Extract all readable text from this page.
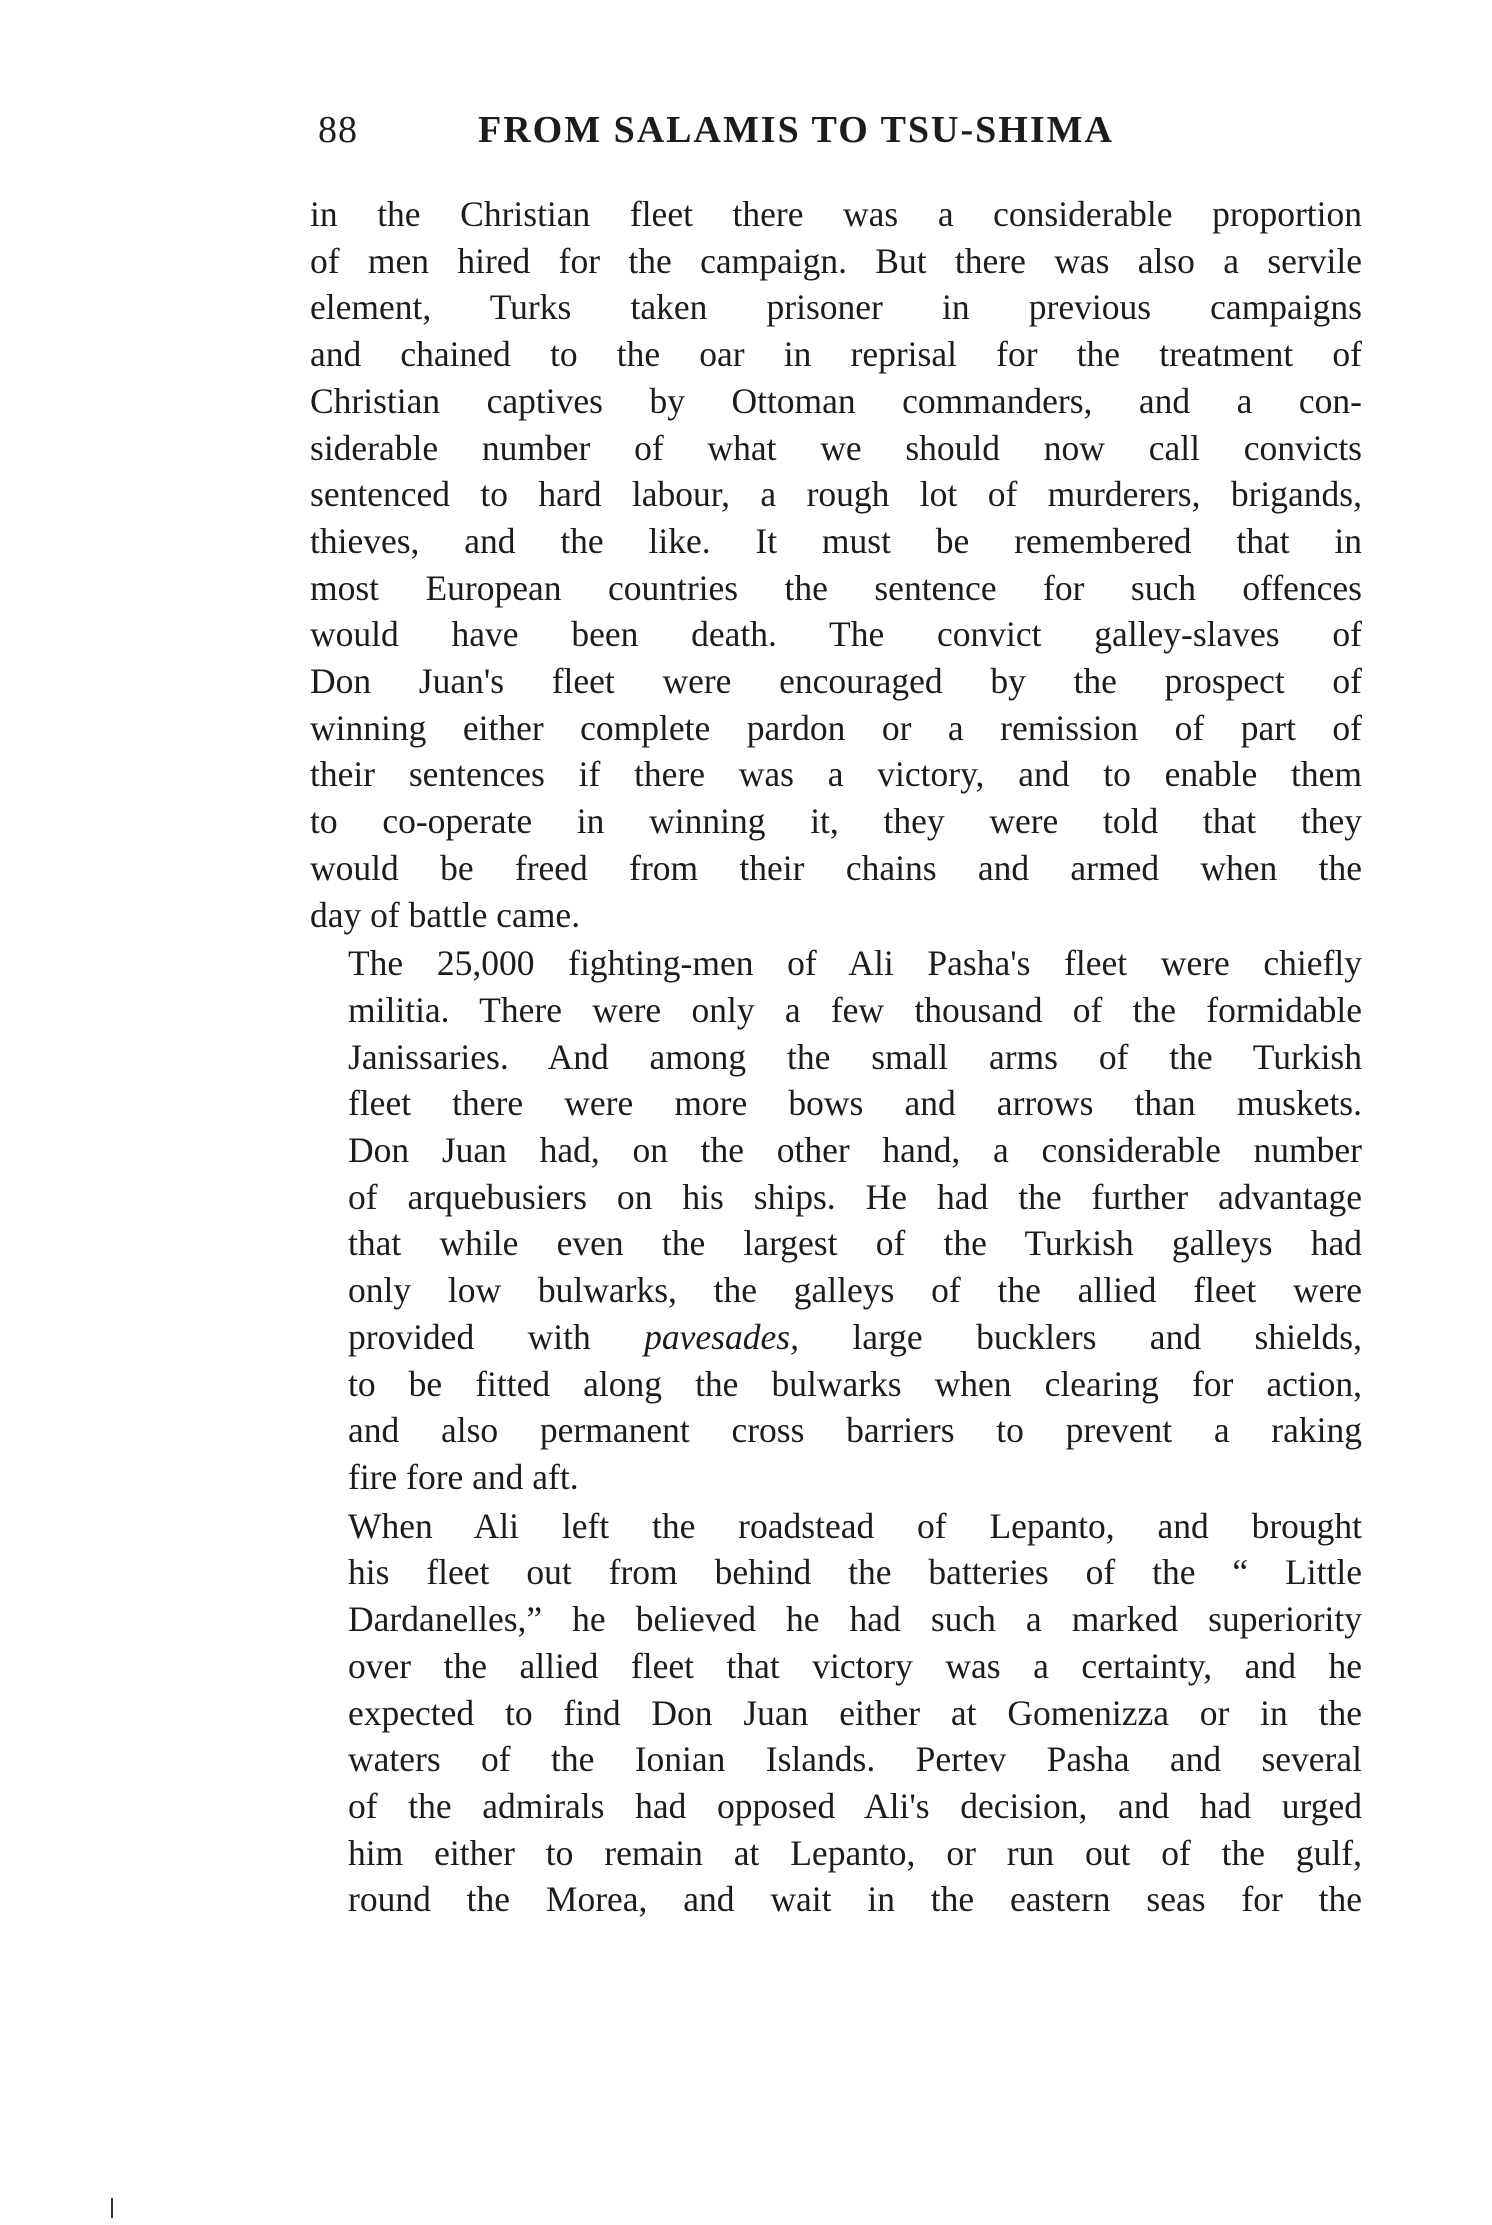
88	FROM SALAMIS TO TSU-SHIMA

in the Christian fleet there was a considerable proportion
of men hired for the campaign. But there was also a servile
element, Turks taken prisoner in previous campaigns
and chained to the oar in reprisal for the treatment of
Christian captives by Ottoman commanders, and a con-
siderable number of what we should now call convicts
sentenced to hard labour, a rough lot of murderers, brigands,
thieves, and the like. It must be remembered that in
most European countries the sentence for such offences
would have been death. The convict galley-slaves of
Don Juan's fleet were encouraged by the prospect of
winning either complete pardon or a remission of part of
their sentences if there was a victory, and to enable them
to co-operate in winning it, they were told that they
would be freed from their chains and armed when the
day of battle came.

The 25,000 fighting-men of Ali Pasha's fleet were chiefly
militia. There were only a few thousand of the formidable
Janissaries. And among the small arms of the Turkish
fleet there were more bows and arrows than muskets.
Don Juan had, on the other hand, a considerable number
of arquebusiers on his ships. He had the further advantage
that while even the largest of the Turkish galleys had
only low bulwarks, the galleys of the allied fleet were
provided with pavesades, large bucklers and shields,
to be fitted along the bulwarks when clearing for action,
and also permanent cross barriers to prevent a raking
fire fore and aft.

When Ali left the roadstead of Lepanto, and brought
his fleet out from behind the batteries of the “ Little
Dardanelles,” he believed he had such a marked superiority
over the allied fleet that victory was a certainty, and he
expected to find Don Juan either at Gomenizza or in the
waters of the Ionian Islands. Pertev Pasha and several
of the admirals had opposed Ali's decision, and had urged
him either to remain at Lepanto, or run out of the gulf,
round the Morea, and wait in the eastern seas for the
